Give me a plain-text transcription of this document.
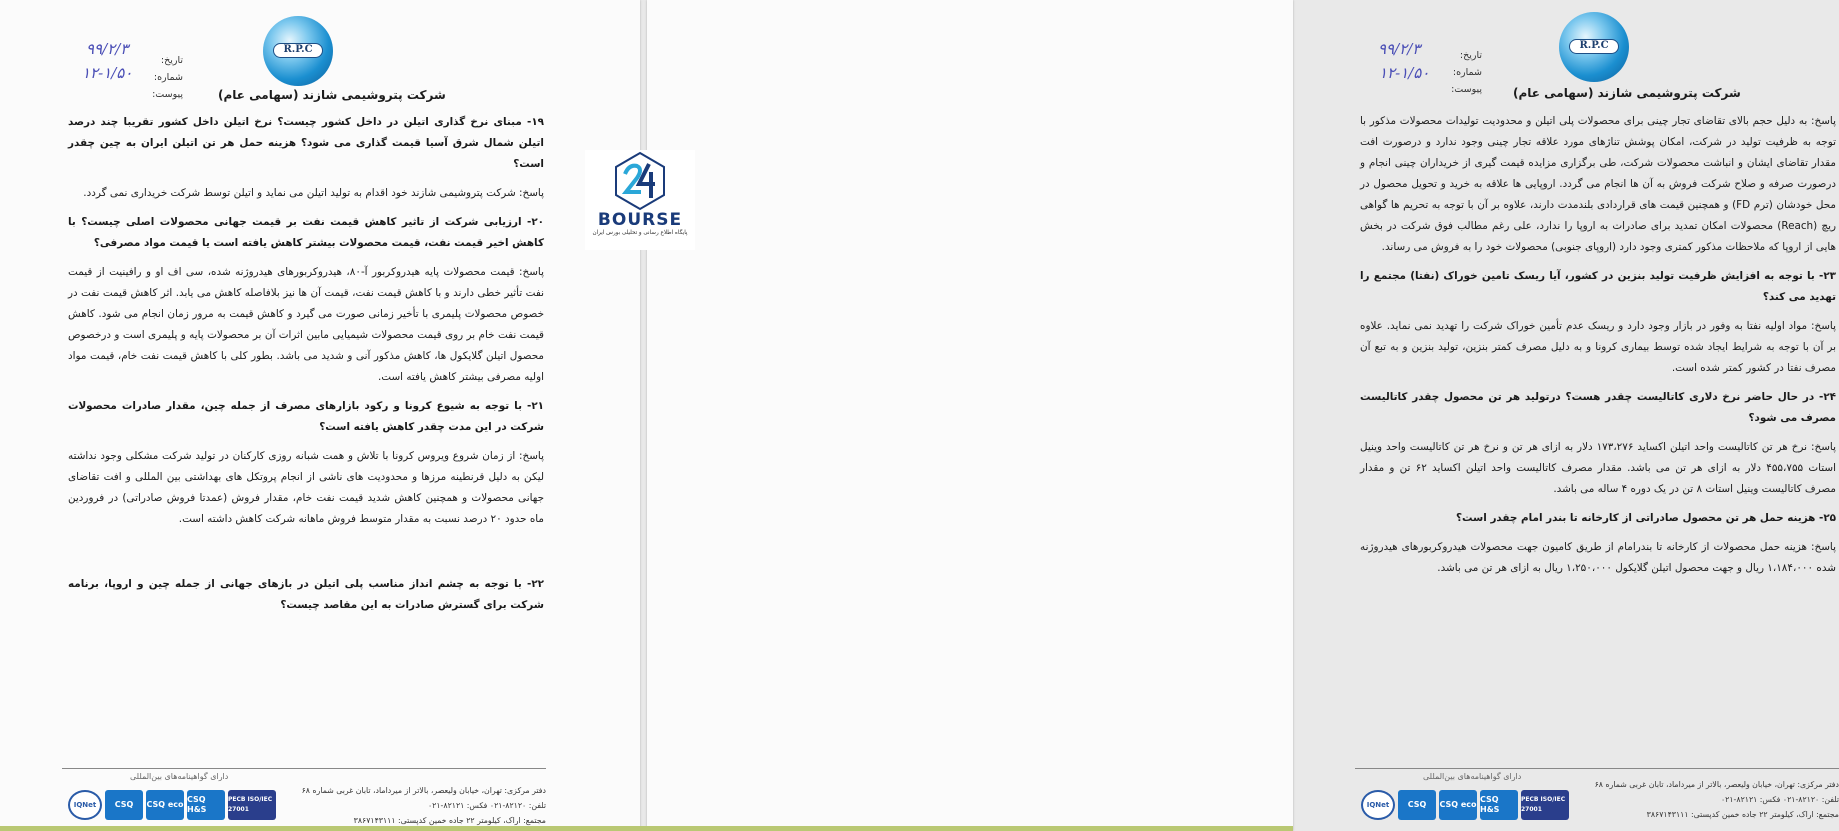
R.P.C
شرکت پتروشیمی شازند (سهامی عام)
تاریخ:
شماره:
پیوست:
۹۹/۲/۳
۱۲-۱/۵۰

۱۹- مبنای نرخ گذاری اتیلن در داخل کشور چیست؟ نرخ اتیلن داخل کشور تقریبا چند درصد اتیلن شمال شرق آسیا قیمت گذاری می شود؟ هزینه حمل هر تن اتیلن ایران به چین چقدر است؟

پاسخ: شرکت پتروشیمی شازند خود اقدام به تولید اتیلن می نماید و اتیلن توسط شرکت خریداری نمی گردد.

۲۰- ارزیابی شرکت از تاثیر کاهش قیمت نفت بر قیمت جهانی محصولات اصلی چیست؟ با کاهش اخیر قیمت نفت، قیمت محصولات بیشتر کاهش یافته است یا قیمت مواد مصرفی؟

پاسخ: قیمت محصولات پایه هیدروکربور آ-۸۰، هیدروکربورهای هیدروژنه شده، سی اف او و رافینیت از قیمت نفت تأثیر خطی دارند و با کاهش قیمت نفت، قیمت آن ها نیز بلافاصله کاهش می یابد. اثر کاهش قیمت نفت در خصوص محصولات پلیمری با تأخیر زمانی صورت می گیرد و کاهش قیمت به مرور زمان انجام می شود. کاهش قیمت نفت خام بر روی قیمت محصولات شیمیایی مابین اثرات آن بر محصولات پایه و پلیمری است و درخصوص محصول اتیلن گلایکول ها، کاهش مذکور آنی و شدید می باشد. بطور کلی با کاهش قیمت نفت خام، قیمت مواد اولیه مصرفی بیشتر کاهش یافته است.

۲۱- با توجه به شیوع کرونا و رکود بازارهای مصرف از جمله چین، مقدار صادرات محصولات شرکت در این مدت چقدر کاهش یافته است؟

پاسخ: از زمان شروع ویروس کرونا با تلاش و همت شبانه روزی کارکنان در تولید شرکت مشکلی وجود نداشته لیکن به دلیل قرنطینه مرزها و محدودیت های ناشی از انجام پروتکل های بهداشتی بین المللی و افت تقاضای جهانی محصولات و همچنین کاهش شدید قیمت نفت خام، مقدار فروش (عمدتا فروش صادراتی) در فروردین ماه حدود ۲۰ درصد نسبت به مقدار متوسط فروش ماهانه شرکت کاهش داشته است.

۲۲- با توجه به چشم انداز مناسب پلی اتیلن در بازهای جهانی از جمله چین و اروپا، برنامه شرکت برای گسترش صادرات به این مقاصد چیست؟

دارای گواهینامه‌های بین‌المللی
دفتر مرکزی: تهران، خیابان ولیعصر، بالاتر از میرداماد، تابان غربی شماره ۶۸
تلفن: ۸۲۱۲۰-۰۲۱ فکس: ۸۲۱۲۱-۰۲۱
مجتمع: اراک، کیلومتر ۲۲ جاده خمین کدپستی: ۳۸۶۷۱۴۳۱۱۱
IQNet	CSQ	CSQ eco
CSQ H&S
PECB ISO/IEC 27001
R.P.C
شرکت پتروشیمی شازند (سهامی عام)
تاریخ:
شماره:
پیوست:
۹۹/۲/۳
۱۲-۱/۵۰

پاسخ: به دلیل حجم بالای تقاضای تجار چینی برای محصولات پلی اتیلن و محدودیت تولیدات محصولات مذکور با توجه به ظرفیت تولید در شرکت، امکان پوشش تناژهای مورد علاقه تجار چینی وجود ندارد و درصورت افت مقدار تقاضای ایشان و انباشت محصولات شرکت، طی برگزاری مزایده قیمت گیری از خریداران چینی انجام و درصورت صرفه و صلاح شرکت فروش به آن ها انجام می گردد. اروپایی ها علاقه به خرید و تحویل محصول در محل خودشان (ترم FD) و همچنین قیمت های قراردادی بلندمدت دارند، علاوه بر آن با توجه به تحریم ها گواهی ریچ (Reach) محصولات امکان تمدید برای صادرات به اروپا را ندارد، علی رغم مطالب فوق شرکت در بخش هایی از اروپا که ملاحظات مذکور کمتری وجود دارد (اروپای جنوبی) محصولات خود را به فروش می رساند.

۲۳- با توجه به افزایش ظرفیت تولید بنزین در کشور، آیا ریسک تامین خوراک (نفتا) مجتمع را تهدید می کند؟

پاسخ: مواد اولیه نفتا به وفور در بازار وجود دارد و ریسک عدم تأمین خوراک شرکت را تهدید نمی نماید. علاوه بر آن با توجه به شرایط ایجاد شده توسط بیماری کرونا و به دلیل مصرف کمتر بنزین، تولید بنزین و به تبع آن مصرف نفتا در کشور کمتر شده است.

۲۴- در حال حاضر نرخ دلاری کاتالیست چقدر هست؟ درتولید هر تن محصول چقدر کاتالیست مصرف می شود؟

پاسخ: نرخ هر تن کاتالیست واحد اتیلن اکساید ۱۷۳،۲۷۶ دلار به ازای هر تن و نرخ هر تن کاتالیست واحد وینیل استات ۴۵۵،۷۵۵ دلار به ازای هر تن می باشد. مقدار مصرف کاتالیست واحد اتیلن اکساید ۶۲ تن و مقدار مصرف کاتالیست وینیل استات ۸ تن در یک دوره ۴ ساله می باشد.

۲۵- هزینه حمل هر تن محصول صادراتی از کارخانه تا بندر امام چقدر است؟

پاسخ: هزینه حمل محصولات از کارخانه تا بندرامام از طریق کامیون جهت محصولات هیدروکربورهای هیدروژنه شده ۱،۱۸۴،۰۰۰ ریال و جهت محصول اتیلن گلایکول ۱،۲۵۰،۰۰۰ ریال به ازای هر تن می باشد.

دارای گواهینامه‌های بین‌المللی
دفتر مرکزی: تهران، خیابان ولیعصر، بالاتر از میرداماد، تابان غربی شماره ۶۸
تلفن: ۸۲۱۲۰-۰۲۱ فکس: ۸۲۱۲۱-۰۲۱
مجتمع: اراک، کیلومتر ۲۲ جاده خمین کدپستی: ۳۸۶۷۱۴۳۱۱۱
IQNet	CSQ	CSQ eco
CSQ H&S
PECB ISO/IEC 27001
BOURSE
پایگاه اطلاع رسانی و تحلیلی بورس ایران
